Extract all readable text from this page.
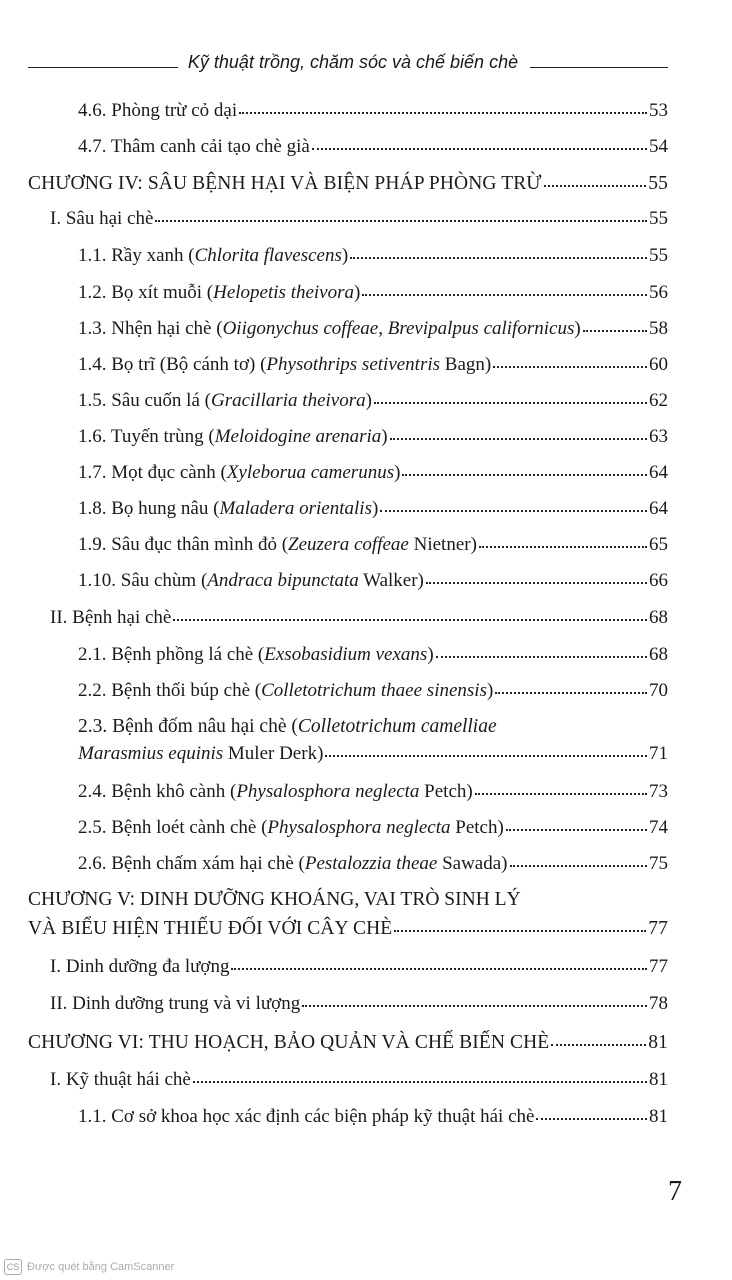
Kỹ thuật trồng, chăm sóc và chế biến chè
4.6. Phòng trừ cỏ dại	53
4.7. Thâm canh cải tạo chè già	54
CHƯƠNG IV: SÂU BỆNH HẠI VÀ BIỆN PHÁP PHÒNG TRỪ	55
I. Sâu hại chè	55
1.1. Rầy xanh (Chlorita flavescens)	55
1.2. Bọ xít muỗi (Helopetis theivora)	56
1.3. Nhện hại chè (Oiigonychus coffeae, Brevipalpus californicus)	58
1.4. Bọ trĩ (Bộ cánh tơ) (Physothrips setiventris Bagn)	60
1.5. Sâu cuốn lá (Gracillaria theivora)	62
1.6. Tuyến trùng (Meloidogine arenaria)	63
1.7. Mọt đục cành (Xyleborua camerunus)	64
1.8. Bọ hung nâu (Maladera orientalis)	64
1.9. Sâu đục thân mình đỏ (Zeuzera coffeae Nietner)	65
1.10. Sâu chùm (Andraca bipunctata Walker)	66
II. Bệnh hại chè	68
2.1. Bệnh phồng lá chè (Exsobasidium vexans)	68
2.2. Bệnh thối búp chè (Colletotrichum thaee sinensis)	70
2.3. Bệnh đốm nâu hại chè (Colletotrichum camelliae
Marasmius equinis Muler Derk)	71
2.4. Bệnh khô cành (Physalosphora neglecta Petch)	73
2.5. Bệnh loét cành chè (Physalosphora neglecta Petch)	74
2.6. Bệnh chấm xám hại chè (Pestalozzia theae Sawada)	75
CHƯƠNG V: DINH DƯỠNG KHOÁNG, VAI TRÒ SINH LÝ
VÀ BIỂU HIỆN THIẾU ĐỐI VỚI CÂY CHÈ	77
I. Dinh dưỡng đa lượng	77
II. Dinh dưỡng trung và vi lượng	78
CHƯƠNG VI: THU HOẠCH, BẢO QUẢN VÀ CHẾ BIẾN CHÈ	81
I. Kỹ thuật hái chè	81
1.1. Cơ sở khoa học xác định các biện pháp kỹ thuật hái chè	81
7
CS Được quét bằng CamScanner
